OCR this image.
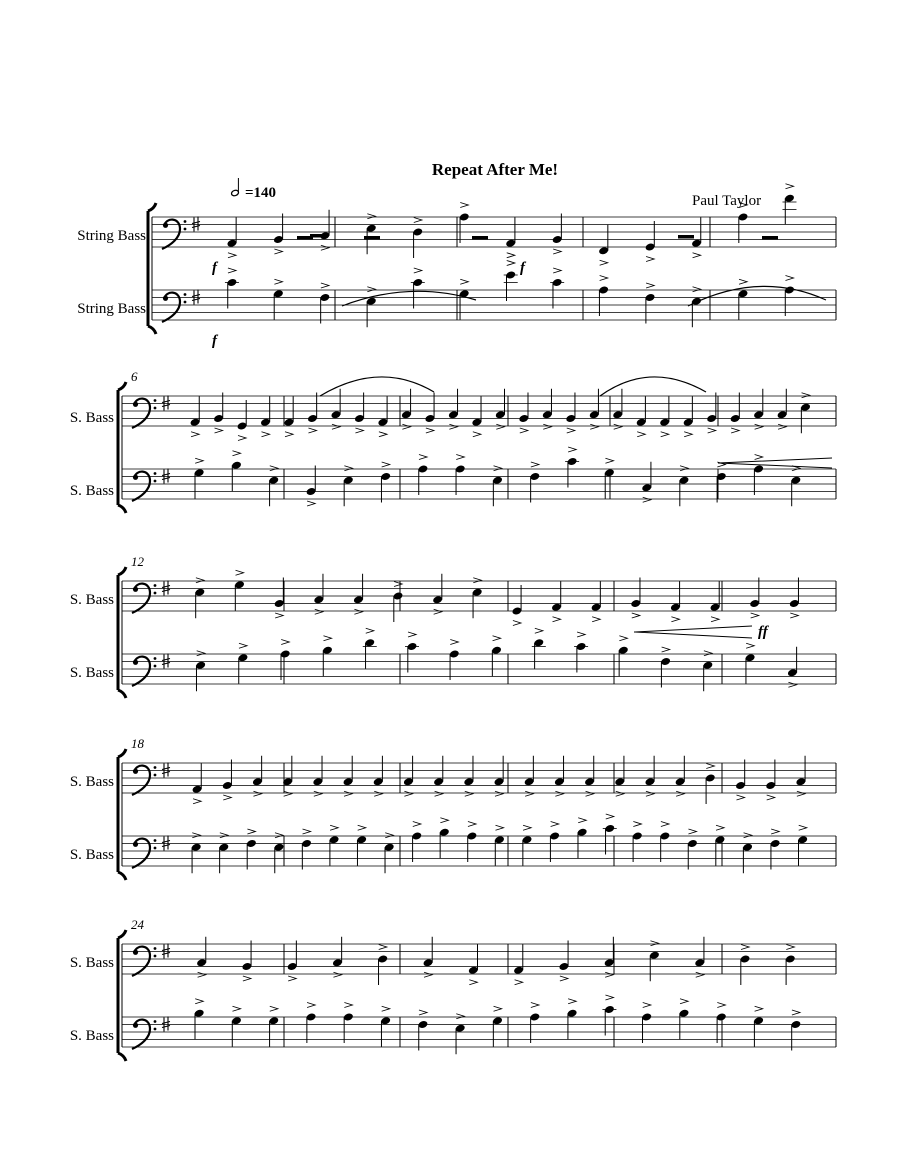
Repeat After Me!
Paul Taylor
=140
String Bass
String Bass
f	f
f
ff
6
12
18
24
S. Bass
S. Bass
S. Bass
S. Bass
S. Bass
S. Bass
S. Bass
S. Bass
